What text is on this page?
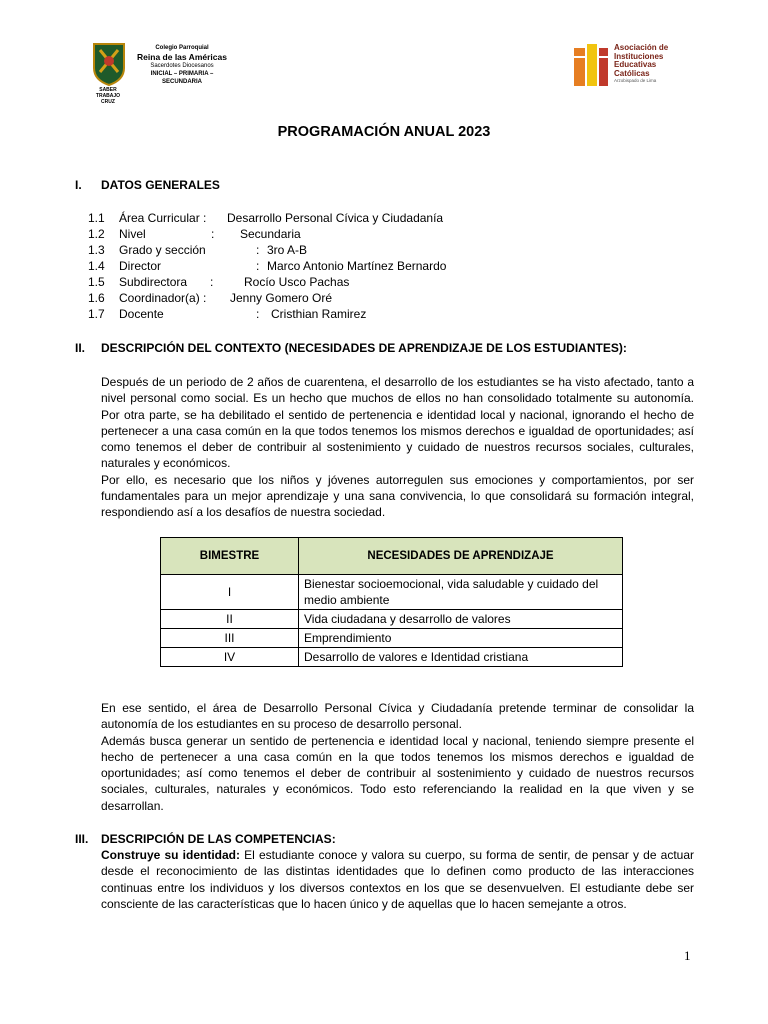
Colegio Parroquial
Reina de las Américas
Sacerdotes Diocesanos
INICIAL – PRIMARIA – SECUNDARIA
SABER
TRABAJO
CRUZ
Asociación de
Instituciones
Educativas
Católicas
Arzobispado de Lima
PROGRAMACIÓN ANUAL 2023
I. DATOS GENERALES
1.1 Área Curricular : Desarrollo Personal Cívica y Ciudadanía
1.2 Nivel	: Secundaria
1.3 Grado y sección	: 3ro A-B
1.4 Director	: Marco Antonio Martínez Bernardo
1.5 Subdirectora :	Rocío Usco Pachas
1.6 Coordinador(a) : Jenny Gomero Oré
1.7 Docente	: Cristhian Ramirez
II. DESCRIPCIÓN DEL CONTEXTO (NECESIDADES DE APRENDIZAJE DE LOS ESTUDIANTES):

Después de un periodo de 2 años de cuarentena, el desarrollo de los estudiantes se ha visto afectado, tanto a nivel personal como social. Es un hecho que muchos de ellos no han consolidado totalmente su autonomía. Por otra parte, se ha debilitado el sentido de pertenencia e identidad local y nacional, ignorando el hecho de pertenecer a una casa común en la que todos tenemos los mismos derechos e igualdad de oportunidades; así como tenemos el deber de contribuir al sostenimiento y cuidado de nuestros recursos sociales, culturales, naturales y económicos.

Por ello, es necesario que los niños y jóvenes autorregulen sus emociones y comportamientos, por ser fundamentales para un mejor aprendizaje y una sana convivencia, lo que consolidará su formación integral, respondiendo así a los desafíos de nuestra sociedad.

BIMESTRE	NECESIDADES DE APRENDIZAJE
I	Bienestar socioemocional, vida saludable y cuidado del medio ambiente
II	Vida ciudadana y desarrollo de valores
III	Emprendimiento
IV	Desarrollo de valores e Identidad cristiana

En ese sentido, el área de Desarrollo Personal Cívica y Ciudadanía pretende terminar de consolidar la autonomía de los estudiantes en su proceso de desarrollo personal.

Además busca generar un sentido de pertenencia e identidad local y nacional, teniendo siempre presente el hecho de pertenecer a una casa común en la que todos tenemos los mismos derechos e igualdad de oportunidades; así como tenemos el deber de contribuir al sostenimiento y cuidado de nuestros recursos sociales, culturales, naturales y económicos. Todo esto referenciando la realidad en la que viven y se desarrollan.

III. DESCRIPCIÓN DE LAS COMPETENCIAS:

Construye su identidad: El estudiante conoce y valora su cuerpo, su forma de sentir, de pensar y de actuar desde el reconocimiento de las distintas identidades que lo definen como producto de las interacciones continuas entre los individuos y los diversos contextos en los que se desenvuelven. El estudiante debe ser consciente de las características que lo hacen único y de aquellas que lo hacen semejante a otros.

1
